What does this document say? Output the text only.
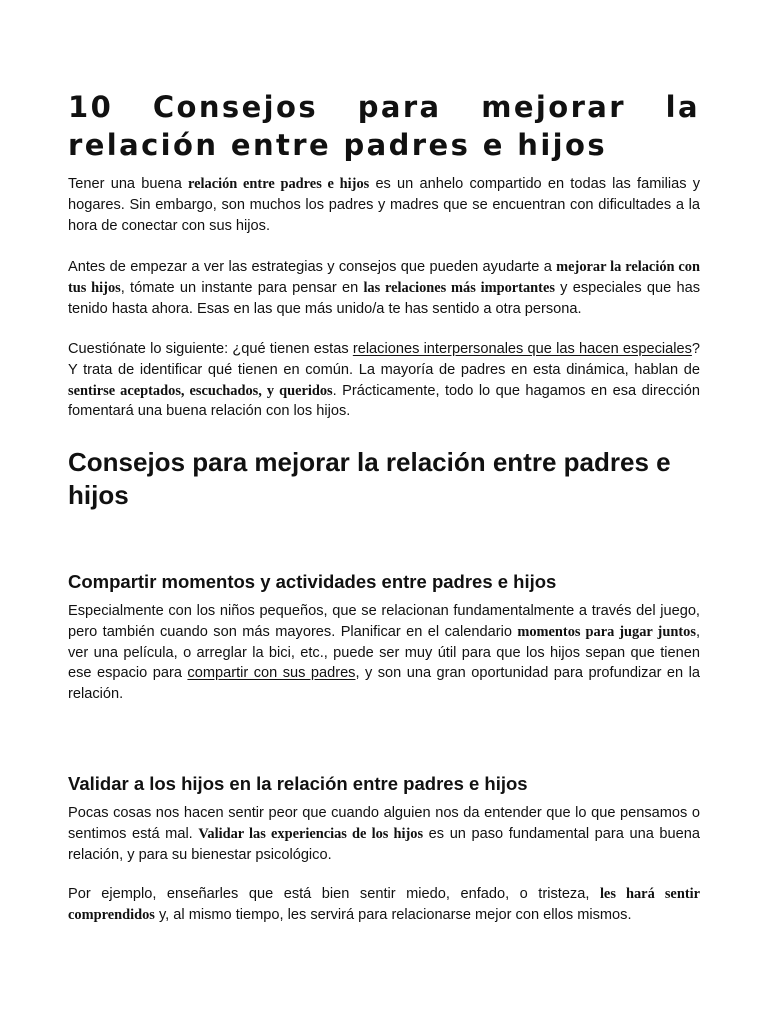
10 Consejos para mejorar la relación entre padres e hijos

Tener una buena relación entre padres e hijos es un anhelo compartido en todas las familias y hogares. Sin embargo, son muchos los padres y madres que se encuentran con dificultades a la hora de conectar con sus hijos.

Antes de empezar a ver las estrategias y consejos que pueden ayudarte a mejorar la relación con tus hijos, tómate un instante para pensar en las relaciones más importantes y especiales que has tenido hasta ahora. Esas en las que más unido/a te has sentido a otra persona.

Cuestiónate lo siguiente: ¿qué tienen estas relaciones interpersonales que las hacen especiales? Y trata de identificar qué tienen en común. La mayoría de padres en esta dinámica, hablan de sentirse aceptados, escuchados, y queridos. Prácticamente, todo lo que hagamos en esa dirección fomentará una buena relación con los hijos.

Consejos para mejorar la relación entre padres e hijos
Compartir momentos y actividades entre padres e hijos

Especialmente con los niños pequeños, que se relacionan fundamentalmente a través del juego, pero también cuando son más mayores. Planificar en el calendario momentos para jugar juntos, ver una película, o arreglar la bici, etc., puede ser muy útil para que los hijos sepan que tienen ese espacio para compartir con sus padres, y son una gran oportunidad para profundizar en la relación.

Validar a los hijos en la relación entre padres e hijos

Pocas cosas nos hacen sentir peor que cuando alguien nos da entender que lo que pensamos o sentimos está mal. Validar las experiencias de los hijos es un paso fundamental para una buena relación, y para su bienestar psicológico.

Por ejemplo, enseñarles que está bien sentir miedo, enfado, o tristeza, les hará sentir comprendidos y, al mismo tiempo, les servirá para relacionarse mejor con ellos mismos.
